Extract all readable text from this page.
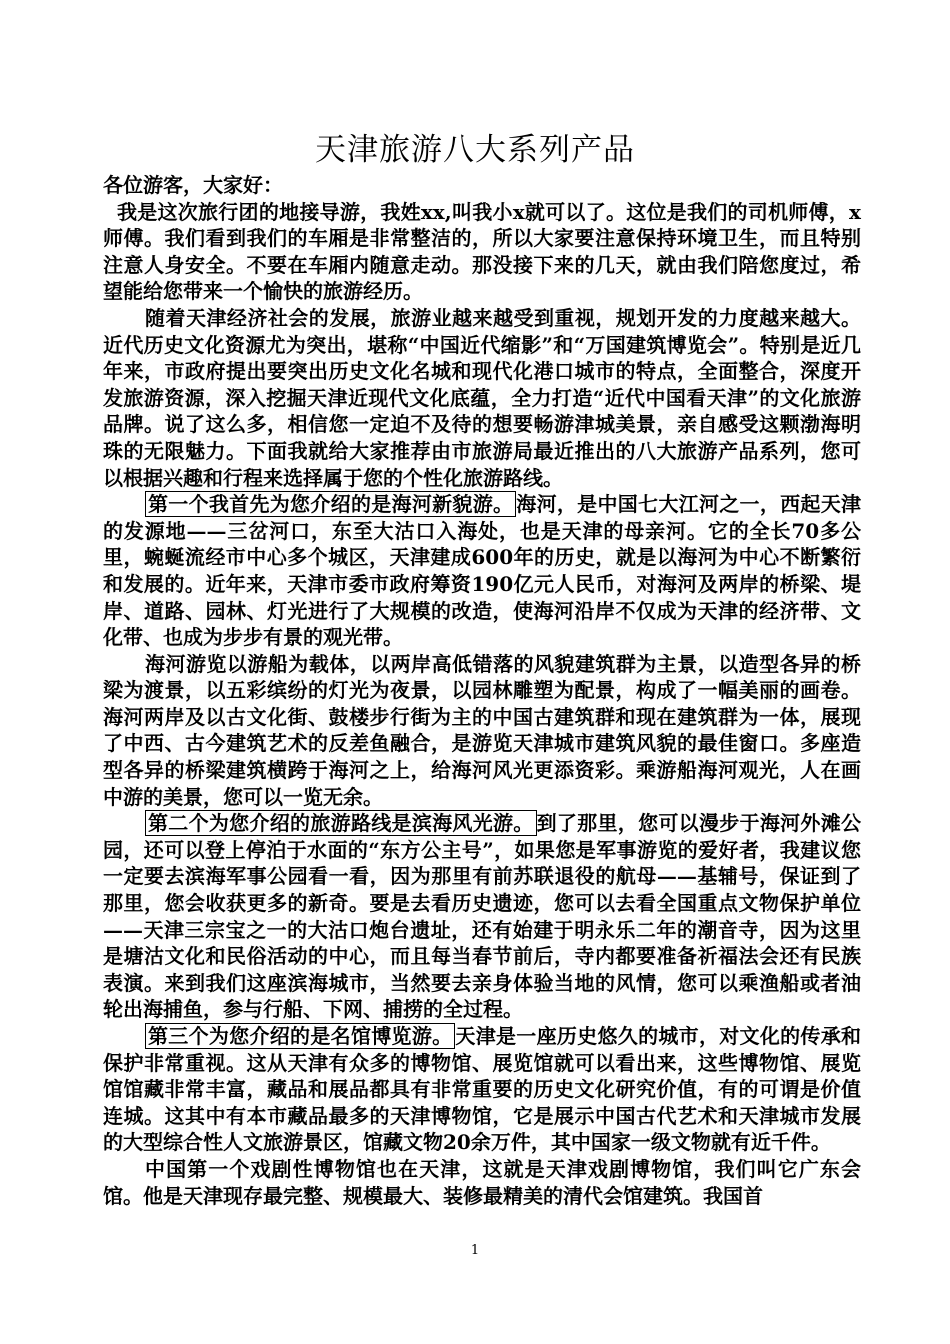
天津旅游八大系列产品

各位游客，大家好：

我是这次旅行团的地接导游，我姓xx,叫我小x就可以了。这位是我们的司机师傅，x师傅。我们看到我们的车厢是非常整洁的，所以大家要注意保持环境卫生，而且特别注意人身安全。不要在车厢内随意走动。那没接下来的几天，就由我们陪您度过，希望能给您带来一个愉快的旅游经历。

随着天津经济社会的发展，旅游业越来越受到重视，规划开发的力度越来越大。近代历史文化资源尤为突出，堪称“中国近代缩影”和“万国建筑博览会”。特别是近几年来，市政府提出要突出历史文化名城和现代化港口城市的特点，全面整合，深度开发旅游资源，深入挖掘天津近现代文化底蕴，全力打造“近代中国看天津”的文化旅游品牌。说了这么多，相信您一定迫不及待的想要畅游津城美景，亲自感受这颗渤海明珠的无限魅力。下面我就给大家推荐由市旅游局最近推出的八大旅游产品系列，您可以根据兴趣和行程来选择属于您的个性化旅游路线。

第一个我首先为您介绍的是海河新貌游。 海河，是中国七大江河之一，西起天津的发源地——三岔河口，东至大沽口入海处，也是天津的母亲河。它的全长70多公里，蜿蜒流经市中心多个城区，天津建成600年的历史，就是以海河为中心不断繁衍和发展的。近年来，天津市委市政府筹资190亿元人民币，对海河及两岸的桥梁、堤岸、道路、园林、灯光进行了大规模的改造，使海河沿岸不仅成为天津的经济带、文化带、也成为步步有景的观光带。

海河游览以游船为载体，以两岸高低错落的风貌建筑群为主景，以造型各异的桥梁为渡景，以五彩缤纷的灯光为夜景，以园林雕塑为配景，构成了一幅美丽的画卷。海河两岸及以古文化街、鼓楼步行街为主的中国古建筑群和现在建筑群为一体，展现了中西、古今建筑艺术的反差鱼融合，是游览天津城市建筑风貌的最佳窗口。多座造型各异的桥梁建筑横跨于海河之上，给海河风光更添资彩。乘游船海河观光，人在画中游的美景，您可以一览无余。

第二个为您介绍的旅游路线是滨海风光游。 到了那里，您可以漫步于海河外滩公园，还可以登上停泊于水面的“东方公主号”，如果您是军事游览的爱好者，我建议您一定要去滨海军事公园看一看，因为那里有前苏联退役的航母——基辅号，保证到了那里，您会收获更多的新奇。要是去看历史遗迹，您可以去看全国重点文物保护单位——天津三宗宝之一的大沽口炮台遗址，还有始建于明永乐二年的潮音寺，因为这里是塘沽文化和民俗活动的中心，而且每当春节前后，寺内都要准备祈福法会还有民族表演。来到我们这座滨海城市，当然要去亲身体验当地的风情，您可以乘渔船或者油轮出海捕鱼，参与行船、下网、捕捞的全过程。

第三个为您介绍的是名馆博览游。 天津是一座历史悠久的城市，对文化的传承和保护非常重视。这从天津有众多的博物馆、展览馆就可以看出来，这些博物馆、展览馆馆藏非常丰富，藏品和展品都具有非常重要的历史文化研究价值，有的可谓是价值连城。这其中有本市藏品最多的天津博物馆，它是展示中国古代艺术和天津城市发展的大型综合性人文旅游景区，馆藏文物20余万件，其中国家一级文物就有近千件。

中国第一个戏剧性博物馆也在天津，这就是天津戏剧博物馆，我们叫它广东会馆。他是天津现存最完整、规模最大、装修最精美的清代会馆建筑。我国首

1
